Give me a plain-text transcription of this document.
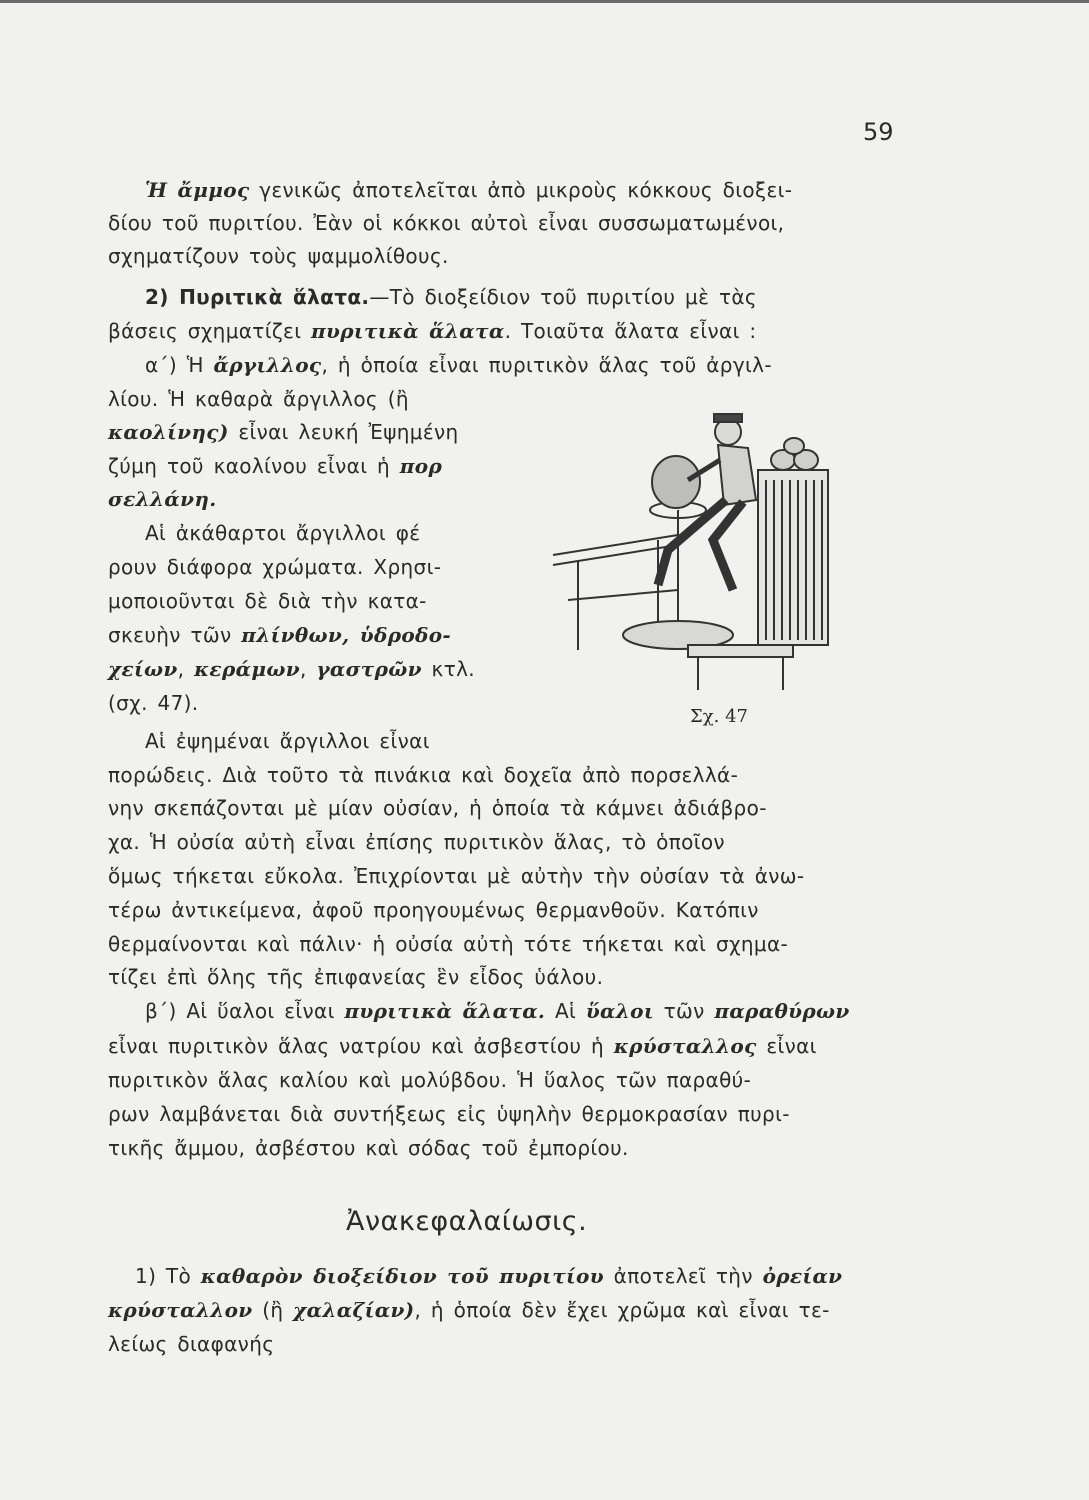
59
Ἡ ἄμμος γενικῶς ἀποτελεῖται ἀπὸ μικροὺς κόκκους διοξει-
δίου τοῦ πυριτίου. Ἐὰν οἱ κόκκοι αὐτοὶ εἶναι συσσωματωμένοι,
σχηματίζουν τοὺς ψαμμολίθους.
2) Πυριτικὰ ἅλατα.—Τὸ διοξείδιον τοῦ πυριτίου μὲ τὰς
βάσεις σχηματίζει πυριτικὰ ἅλατα. Τοιαῦτα ἅλατα εἶναι :
α΄) Ἡ ἄργιλλος, ἡ ὁποία εἶναι πυριτικὸν ἅλας τοῦ ἀργιλ-
λίου. Ἡ καθαρὰ ἄργιλλος (ἢ
καολίνης) εἶναι λευκή Ἐψημένη
ζύμη τοῦ καολίνου εἶναι ἡ πορ
σελλάνη.
Αἱ ἀκάθαρτοι ἄργιλλοι φέ
ρουν διάφορα χρώματα. Χρησι-
μοποιοῦνται δὲ διὰ τὴν κατα-
σκευὴν τῶν πλίνθων, ὑδροδο-
χείων, κεράμων, γαστρῶν κτλ.
(σχ. 47).
Σχ. 47
Αἱ ἐψημέναι ἄργιλλοι εἶναι
πορώδεις. Διὰ τοῦτο τὰ πινάκια καὶ δοχεῖα ἀπὸ πορσελλά-
νην σκεπάζονται μὲ μίαν οὐσίαν, ἡ ὁποία τὰ κάμνει ἀδιάβρο-
χα. Ἡ οὐσία αὐτὴ εἶναι ἐπίσης πυριτικὸν ἅλας, τὸ ὁποῖον
ὅμως τήκεται εὔκολα. Ἐπιχρίονται μὲ αὐτὴν τὴν οὐσίαν τὰ ἀνω-
τέρω ἀντικείμενα, ἀφοῦ προηγουμένως θερμανθοῦν. Κατόπιν
θερμαίνονται καὶ πάλιν· ἡ οὐσία αὐτὴ τότε τήκεται καὶ σχημα-
τίζει ἐπὶ ὅλης τῆς ἐπιφανείας ἓν εἶδος ὑάλου.
β΄) Αἱ ὕαλοι εἶναι πυριτικὰ ἅλατα. Αἱ ὕαλοι τῶν παραθύρων
εἶναι πυριτικὸν ἅλας νατρίου καὶ ἀσβεστίου ἡ κρύσταλλος εἶναι
πυριτικὸν ἅλας καλίου καὶ μολύβδου. Ἡ ὕαλος τῶν παραθύ-
ρων λαμβάνεται διὰ συντήξεως εἰς ὑψηλὴν θερμοκρασίαν πυρι-
τικῆς ἄμμου, ἀσβέστου καὶ σόδας τοῦ ἐμπορίου.
Ἀνακεφαλαίωσις.
1) Τὸ καθαρὸν διοξείδιον τοῦ πυριτίου ἀποτελεῖ τὴν ὀρείαν
κρύσταλλον (ἢ χαλαζίαν), ἡ ὁποία δὲν ἔχει χρῶμα καὶ εἶναι τε-
λείως διαφανής
